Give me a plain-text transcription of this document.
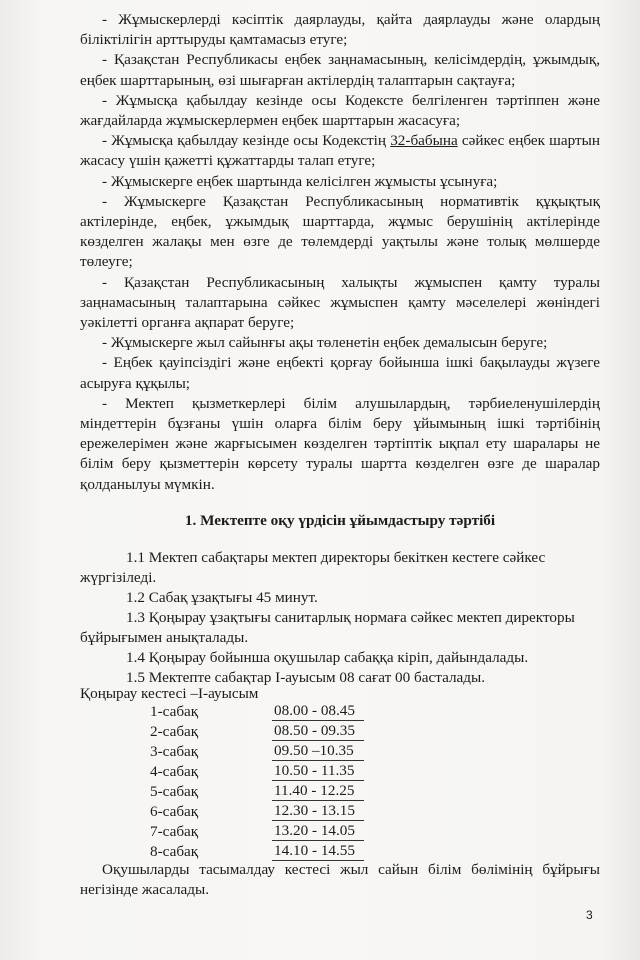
- Жұмыскерлерді кәсіптік даярлауды, қайта даярлауды және олардың біліктілігін арттыруды қамтамасыз етуге;

- Қазақстан Республикасы еңбек заңнамасының, келісімдердің, ұжымдық, еңбек шарттарының, өзі шығарған актілердің талаптарын сақтауға;

- Жұмысқа қабылдау кезінде осы Кодексте белгіленген тәртіппен және жағдайларда жұмыскерлермен еңбек шарттарын жасасуға;

- Жұмысқа қабылдау кезінде осы Кодекстің 32-бабына сәйкес еңбек шартын жасасу үшін қажетті құжаттарды талап етуге;

- Жұмыскерге еңбек шартында келісілген жұмысты ұсынуға;

- Жұмыскерге Қазақстан Республикасының нормативтік құқықтық актілерінде, еңбек, ұжымдық шарттарда, жұмыс берушінің актілерінде көзделген жалақы мен өзге де төлемдерді уақтылы және толық мөлшерде төлеуге;

- Қазақстан Республикасының халықты жұмыспен қамту туралы заңнамасының талаптарына сәйкес жұмыспен қамту мәселелері жөніндегі уәкілетті органға ақпарат беруге;

- Жұмыскерге жыл сайынғы ақы төленетін еңбек демалысын беруге;

- Еңбек қауіпсіздігі және еңбекті қорғау бойынша ішкі бақылауды жүзеге асыруға құқылы;

- Мектеп қызметкерлері білім алушылардың, тәрбиеленушілердің міндеттерін бұзғаны үшін оларға білім беру ұйымының ішкі тәртібінің ережелерімен және жарғысымен көзделген тәртіптік ықпал ету шаралары не білім беру қызметтерін көрсету туралы шартта көзделген өзге де шаралар қолданылуы мүмкін.

1. Мектепте оқу үрдісін ұйымдастыру тәртібі

1.1 Мектеп сабақтары мектеп директоры бекіткен кестеге сәйкес жүргізіледі.

1.2 Сабақ ұзақтығы 45 минут.

1.3 Қоңырау ұзақтығы санитарлық нормаға сәйкес мектеп директоры бұйрығымен анықталады.

1.4 Қоңырау бойынша оқушылар сабаққа кіріп, дайындалады.

1.5 Мектепте сабақтар I-ауысым 08 сағат 00 басталады.

Қоңырау кестесі –I-ауысым
1-сабақ	08.00 - 08.45
2-сабақ	08.50 - 09.35
3-сабақ	09.50 –10.35
4-сабақ	10.50 - 11.35
5-сабақ	11.40 - 12.25
6-сабақ	12.30 - 13.15
7-сабақ	13.20 - 14.05
8-сабақ	14.10 - 14.55

Оқушыларды тасымалдау кестесі жыл сайын білім бөлімінің бұйрығы негізінде жасалады.

3
